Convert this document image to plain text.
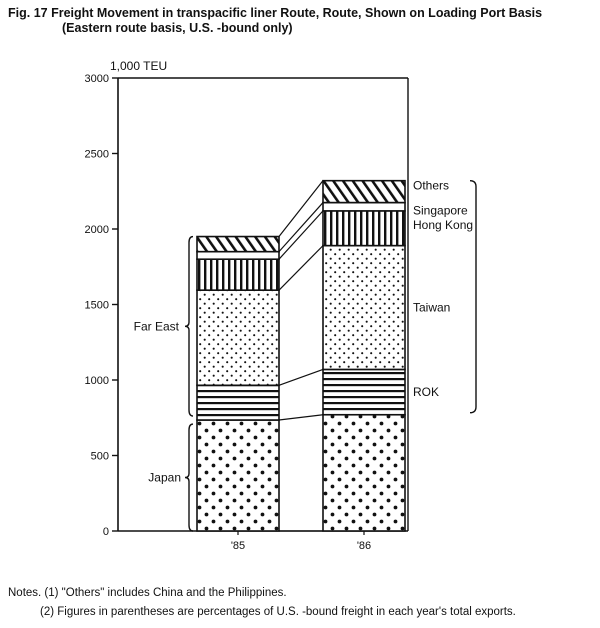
Fig. 17 Freight Movement in transpacific liner Route, Route, Shown on Loading Port Basis
(Eastern route basis, U.S. -bound only)
1,000 TEU
0
500
1000
1500
2000
2500
3000
'85	'86
ROK
Taiwan
Hong Kong
Singapore
Others
Far East
Japan
Notes. (1) "Others" includes China and the Philippines.
(2) Figures in parentheses are percentages of U.S. -bound freight in each year's total exports.
